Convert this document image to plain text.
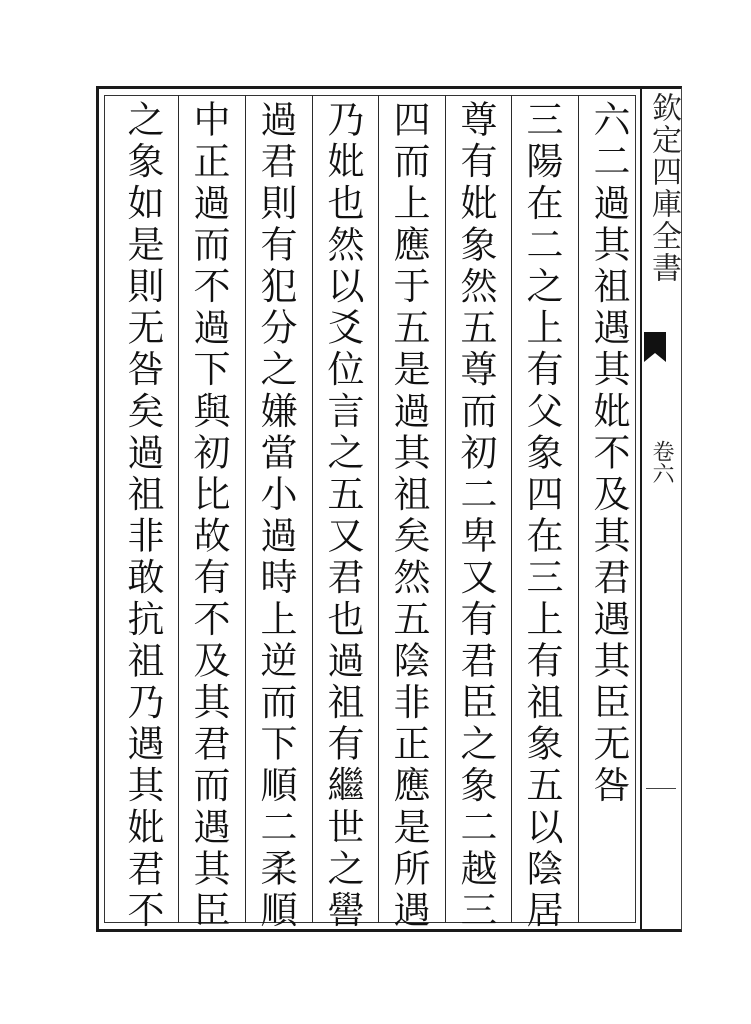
六二過其祖遇其妣不及其君遇其臣无咎
三陽在二之上有父象四在三上有祖象五以陰居
尊有妣象然五尊而初二卑又有君臣之象二越三
四而上應于五是過其祖矣然五陰非正應是所遇
乃妣也然以爻位言之五又君也過祖有繼世之嚳
過君則有犯分之嫌當小過時上逆而下順二柔順
中正過而不過下與初比故有不及其君而遇其臣
之象如是則无咎矣過祖非敢抗祖乃遇其妣君不	欽定四庫全書
卷六
